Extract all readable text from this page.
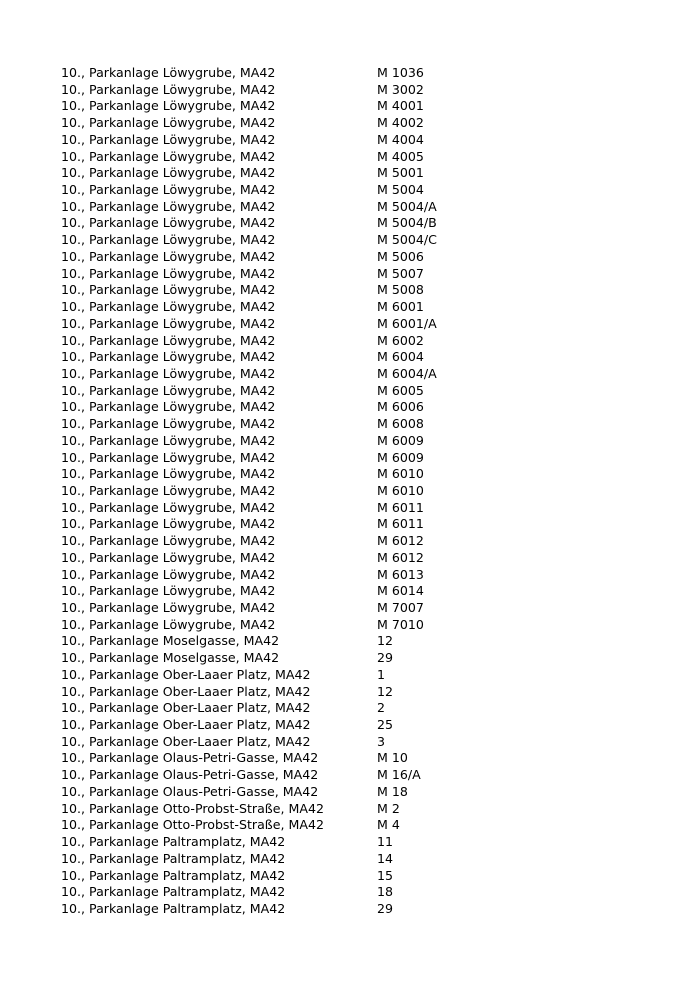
10., Parkanlage Löwygrube, MA42	M 1036
10., Parkanlage Löwygrube, MA42	M 3002
10., Parkanlage Löwygrube, MA42	M 4001
10., Parkanlage Löwygrube, MA42	M 4002
10., Parkanlage Löwygrube, MA42	M 4004
10., Parkanlage Löwygrube, MA42	M 4005
10., Parkanlage Löwygrube, MA42	M 5001
10., Parkanlage Löwygrube, MA42	M 5004
10., Parkanlage Löwygrube, MA42	M 5004/A
10., Parkanlage Löwygrube, MA42	M 5004/B
10., Parkanlage Löwygrube, MA42	M 5004/C
10., Parkanlage Löwygrube, MA42	M 5006
10., Parkanlage Löwygrube, MA42	M 5007
10., Parkanlage Löwygrube, MA42	M 5008
10., Parkanlage Löwygrube, MA42	M 6001
10., Parkanlage Löwygrube, MA42	M 6001/A
10., Parkanlage Löwygrube, MA42	M 6002
10., Parkanlage Löwygrube, MA42	M 6004
10., Parkanlage Löwygrube, MA42	M 6004/A
10., Parkanlage Löwygrube, MA42	M 6005
10., Parkanlage Löwygrube, MA42	M 6006
10., Parkanlage Löwygrube, MA42	M 6008
10., Parkanlage Löwygrube, MA42	M 6009
10., Parkanlage Löwygrube, MA42	M 6009
10., Parkanlage Löwygrube, MA42	M 6010
10., Parkanlage Löwygrube, MA42	M 6010
10., Parkanlage Löwygrube, MA42	M 6011
10., Parkanlage Löwygrube, MA42	M 6011
10., Parkanlage Löwygrube, MA42	M 6012
10., Parkanlage Löwygrube, MA42	M 6012
10., Parkanlage Löwygrube, MA42	M 6013
10., Parkanlage Löwygrube, MA42	M 6014
10., Parkanlage Löwygrube, MA42	M 7007
10., Parkanlage Löwygrube, MA42	M 7010
10., Parkanlage Moselgasse, MA42	12
10., Parkanlage Moselgasse, MA42	29
10., Parkanlage Ober-Laaer Platz, MA42	1
10., Parkanlage Ober-Laaer Platz, MA42	12
10., Parkanlage Ober-Laaer Platz, MA42	2
10., Parkanlage Ober-Laaer Platz, MA42	25
10., Parkanlage Ober-Laaer Platz, MA42	3
10., Parkanlage Olaus-Petri-Gasse, MA42	M 10
10., Parkanlage Olaus-Petri-Gasse, MA42	M 16/A
10., Parkanlage Olaus-Petri-Gasse, MA42	M 18
10., Parkanlage Otto-Probst-Straße, MA42	M 2
10., Parkanlage Otto-Probst-Straße, MA42	M 4
10., Parkanlage Paltramplatz, MA42	11
10., Parkanlage Paltramplatz, MA42	14
10., Parkanlage Paltramplatz, MA42	15
10., Parkanlage Paltramplatz, MA42	18
10., Parkanlage Paltramplatz, MA42	29
